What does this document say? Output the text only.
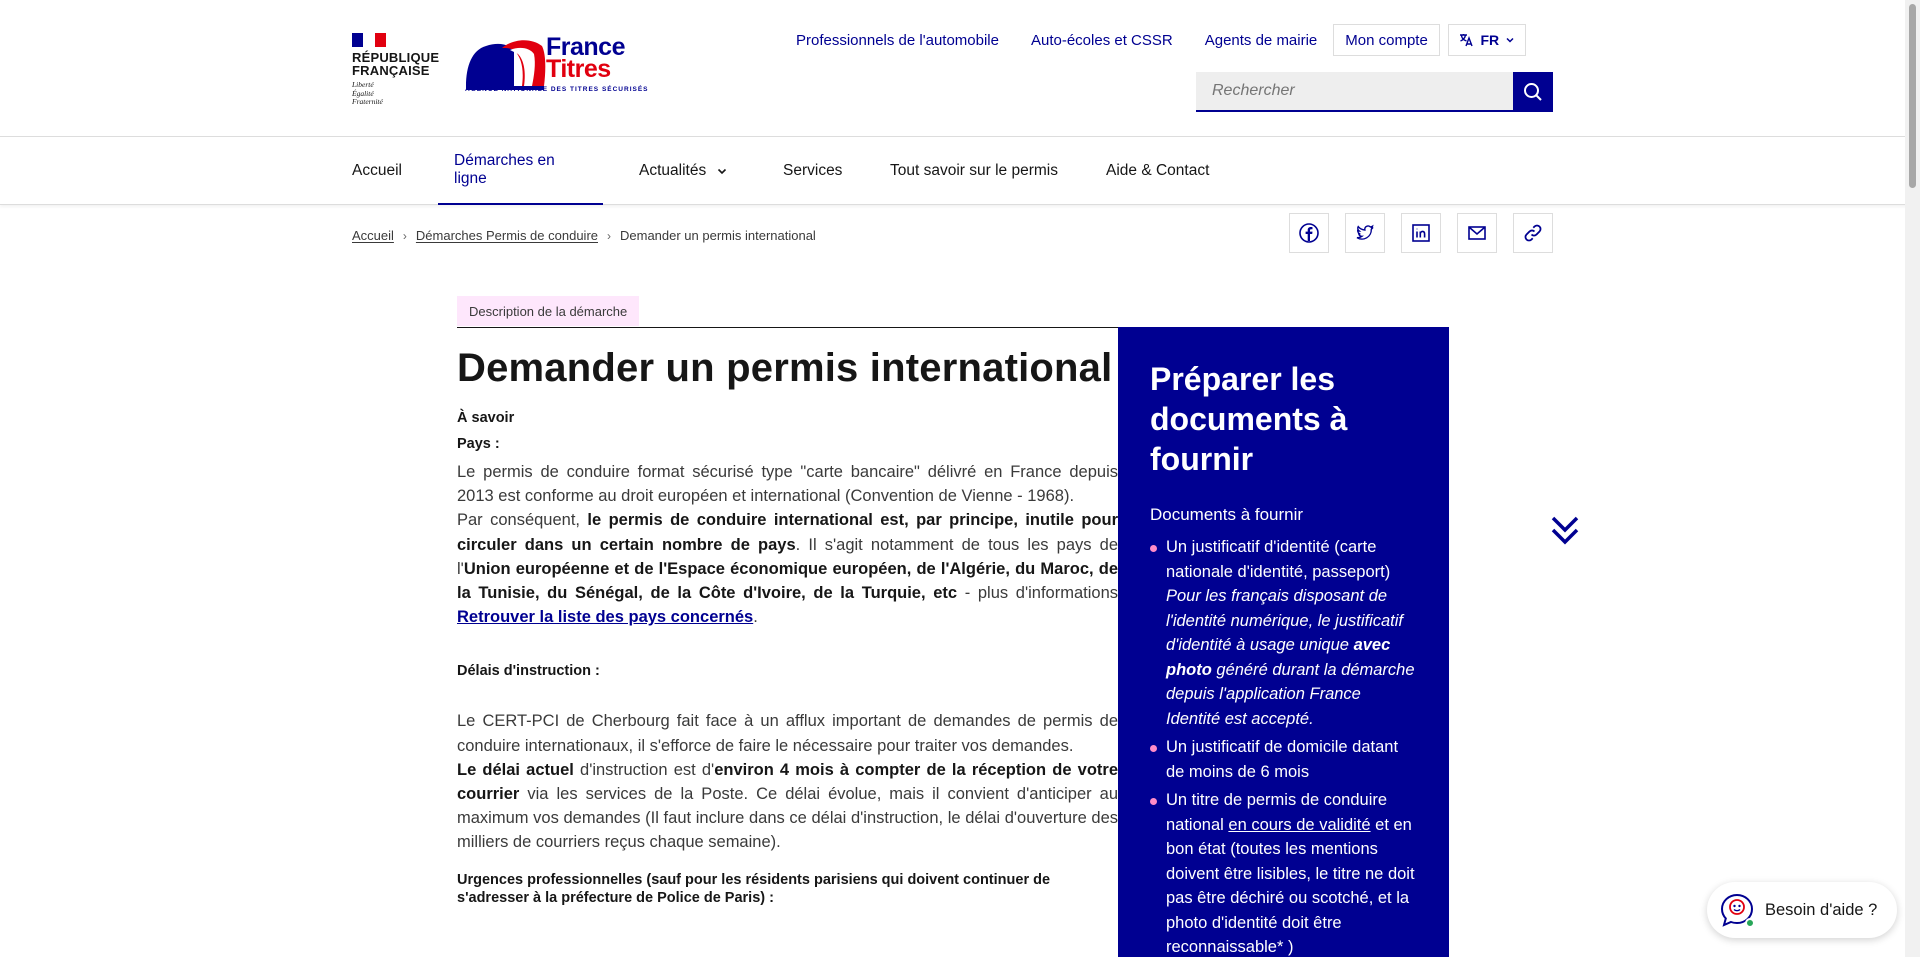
RÉPUBLIQUE
FRANÇAISE
Liberté
Égalité
Fraternité
France
Titres
AGENCE NATIONALE DES TITRES SÉCURISÉS
Professionnels de l'automobile Auto-écoles et CSSR Agents de mairie	Mon compte	FR
Rechercher
Accueil
Démarches en ligne	Actualités	Services	Tout savoir sur le permis	Aide & Contact
Accueil › Démarches Permis de conduire › Demander un permis international
Description de la démarche
Demander un permis international
À savoir
Pays :

Le permis de conduire format sécurisé type "carte bancaire" délivré en France depuis 2013 est conforme au droit européen et international (Convention de Vienne - 1968).

Par conséquent, le permis de conduire international est, par principe, inutile pour circuler dans un certain nombre de pays. Il s'agit notamment de tous les pays de l'Union européenne et de l'Espace économique européen, de l'Algérie, du Maroc, de la Tunisie, du Sénégal, de la Côte d'Ivoire, de la Turquie, etc - plus d'informations Retrouver la liste des pays concernés.

Délais d'instruction :

Le CERT-PCI de Cherbourg fait face à un afflux important de demandes de permis de conduire internationaux, il s'efforce de faire le nécessaire pour traiter vos demandes.

Le délai actuel d'instruction est d'environ 4 mois à compter de la réception de votre courrier via les services de la Poste. Ce délai évolue, mais il convient d'anticiper au maximum vos demandes (Il faut inclure dans ce délai d'instruction, le délai d'ouverture des milliers de courriers reçus chaque semaine).

Urgences professionnelles (sauf pour les résidents parisiens qui doivent continuer de s'adresser à la préfecture de Police de Paris) :
Préparer les documents à fournir
Documents à fournir
Un justificatif d'identité (carte nationale d'identité, passeport) Pour les français disposant de l'identité numérique, le justificatif d'identité à usage unique avec photo généré durant la démarche depuis l'application France Identité est accepté.
Un justificatif de domicile datant de moins de 6 mois
Un titre de permis de conduire national en cours de validité et en bon état (toutes les mentions doivent être lisibles, le titre ne doit pas être déchiré ou scotché, et la photo d'identité doit être reconnaissable* )
Besoin d'aide ?
